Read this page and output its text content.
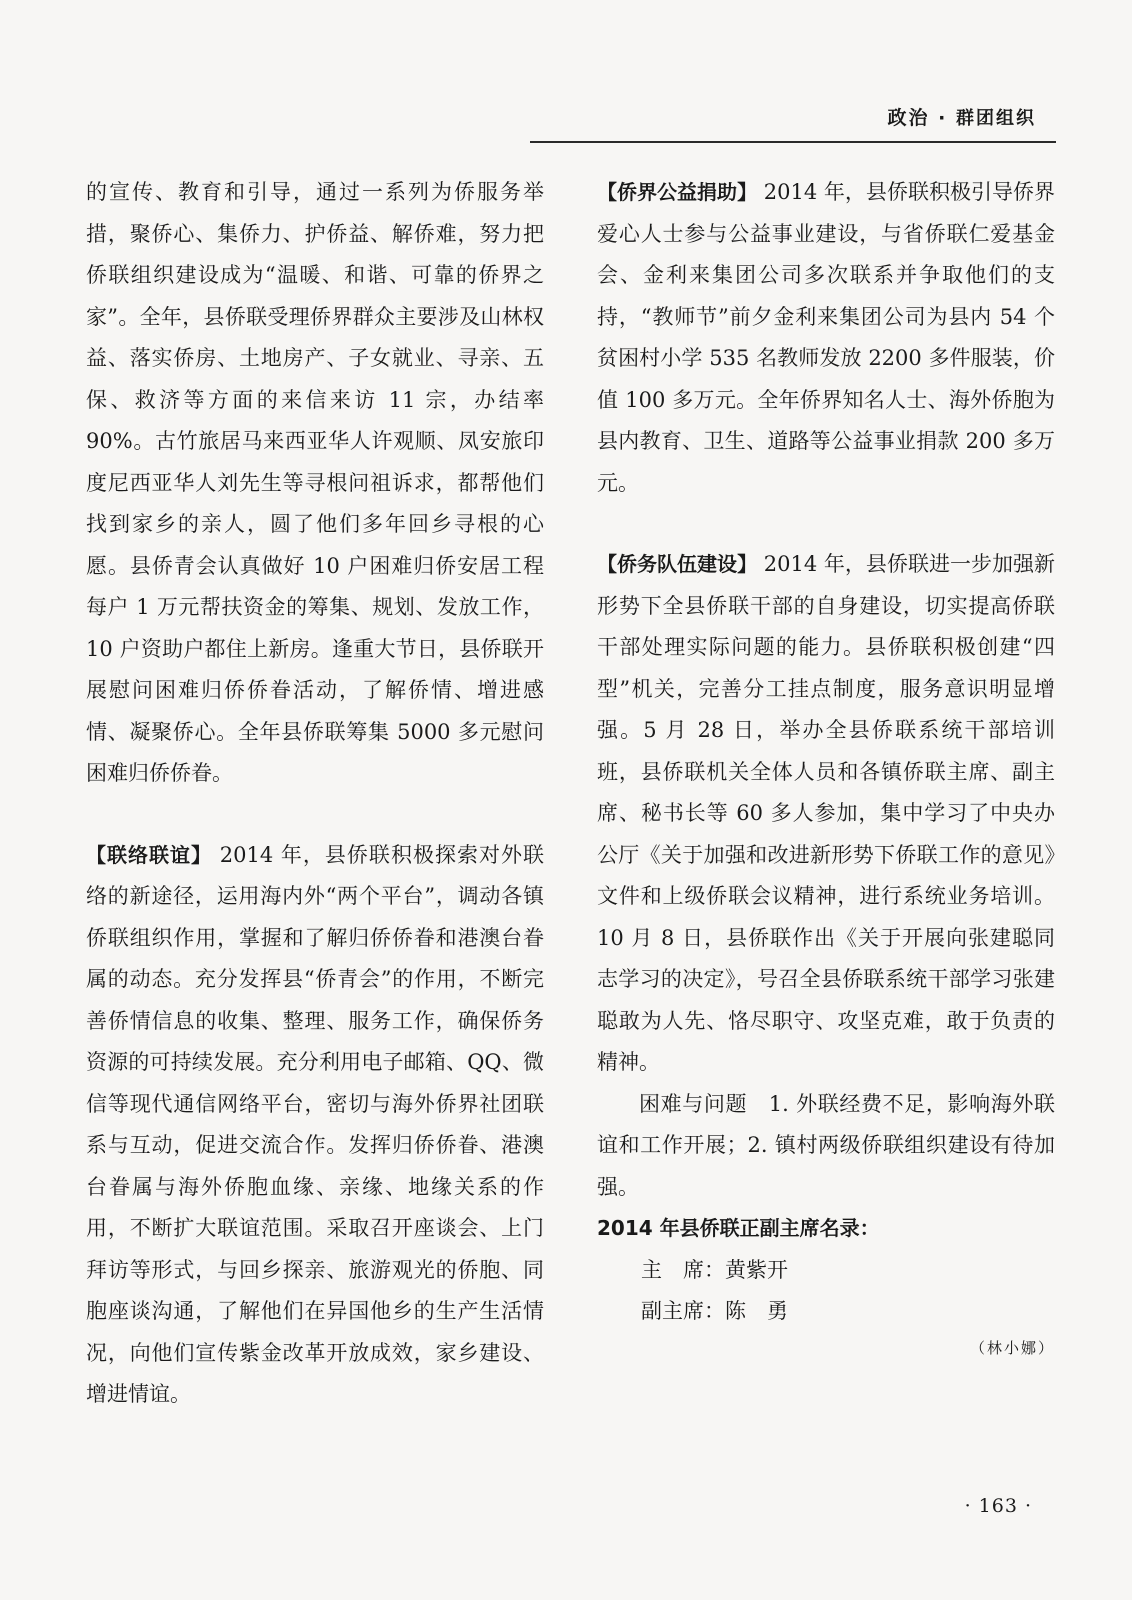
政治 · 群团组织

的宣传、教育和引导，通过一系列为侨服务举措，聚侨心、集侨力、护侨益、解侨难，努力把侨联组织建设成为“温暖、和谐、可靠的侨界之家”。全年，县侨联受理侨界群众主要涉及山林权益、落实侨房、土地房产、子女就业、寻亲、五保、救济等方面的来信来访 11 宗，办结率 90%。古竹旅居马来西亚华人许观顺、凤安旅印度尼西亚华人刘先生等寻根问祖诉求，都帮他们找到家乡的亲人，圆了他们多年回乡寻根的心愿。县侨青会认真做好 10 户困难归侨安居工程每户 1 万元帮扶资金的筹集、规划、发放工作，10 户资助户都住上新房。逢重大节日，县侨联开展慰问困难归侨侨眷活动，了解侨情、增进感情、凝聚侨心。全年县侨联筹集 5000 多元慰问困难归侨侨眷。

【联络联谊】 2014 年，县侨联积极探索对外联络的新途径，运用海内外“两个平台”，调动各镇侨联组织作用，掌握和了解归侨侨眷和港澳台眷属的动态。充分发挥县“侨青会”的作用，不断完善侨情信息的收集、整理、服务工作，确保侨务资源的可持续发展。充分利用电子邮箱、QQ、微信等现代通信网络平台，密切与海外侨界社团联系与互动，促进交流合作。发挥归侨侨眷、港澳台眷属与海外侨胞血缘、亲缘、地缘关系的作用，不断扩大联谊范围。采取召开座谈会、上门拜访等形式，与回乡探亲、旅游观光的侨胞、同胞座谈沟通，了解他们在异国他乡的生产生活情况，向他们宣传紫金改革开放成效，家乡建设、增进情谊。

【侨界公益捐助】 2014 年，县侨联积极引导侨界爱心人士参与公益事业建设，与省侨联仁爱基金会、金利来集团公司多次联系并争取他们的支持，“教师节”前夕金利来集团公司为县内 54 个贫困村小学 535 名教师发放 2200 多件服装，价值 100 多万元。全年侨界知名人士、海外侨胞为县内教育、卫生、道路等公益事业捐款 200 多万元。

【侨务队伍建设】 2014 年，县侨联进一步加强新形势下全县侨联干部的自身建设，切实提高侨联干部处理实际问题的能力。县侨联积极创建“四型”机关，完善分工挂点制度，服务意识明显增强。5 月 28 日，举办全县侨联系统干部培训班，县侨联机关全体人员和各镇侨联主席、副主席、秘书长等 60 多人参加，集中学习了中央办公厅《关于加强和改进新形势下侨联工作的意见》文件和上级侨联会议精神，进行系统业务培训。10 月 8 日，县侨联作出《关于开展向张建聪同志学习的决定》，号召全县侨联系统干部学习张建聪敢为人先、恪尽职守、攻坚克难，敢于负责的精神。

困难与问题　1. 外联经费不足，影响海外联谊和工作开展；2. 镇村两级侨联组织建设有待加强。

2014 年县侨联正副主席名录：

主　席：黄紫开

副主席：陈　勇

（林小娜）

· 163 ·
